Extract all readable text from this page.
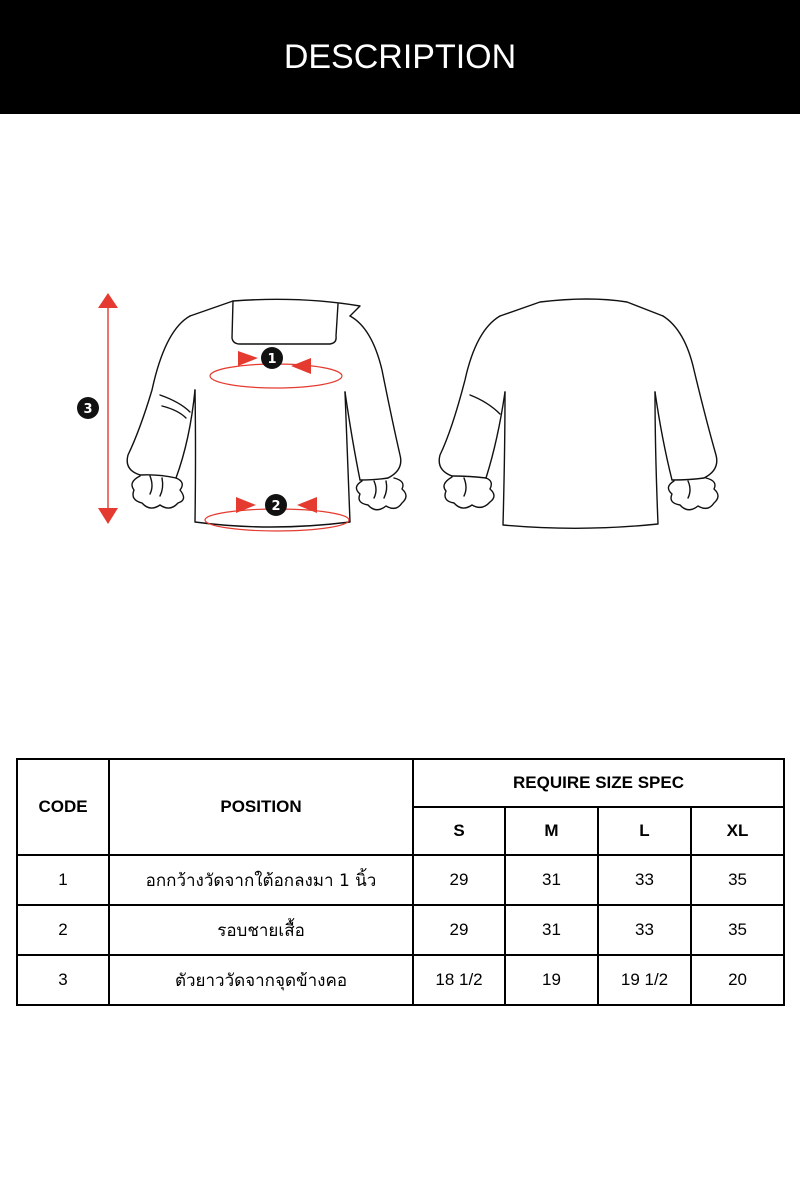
DESCRIPTION
1
2
3
CODE	POSITION	REQUIRE SIZE SPEC			
		S	M	L	XL
1	อกกว้างวัดจากใต้อกลงมา 1 นิ้ว	29	31	33	35
2	รอบชายเสื้อ	29	31	33	35
3	ตัวยาววัดจากจุดข้างคอ	18 1/2	19	19 1/2	20
